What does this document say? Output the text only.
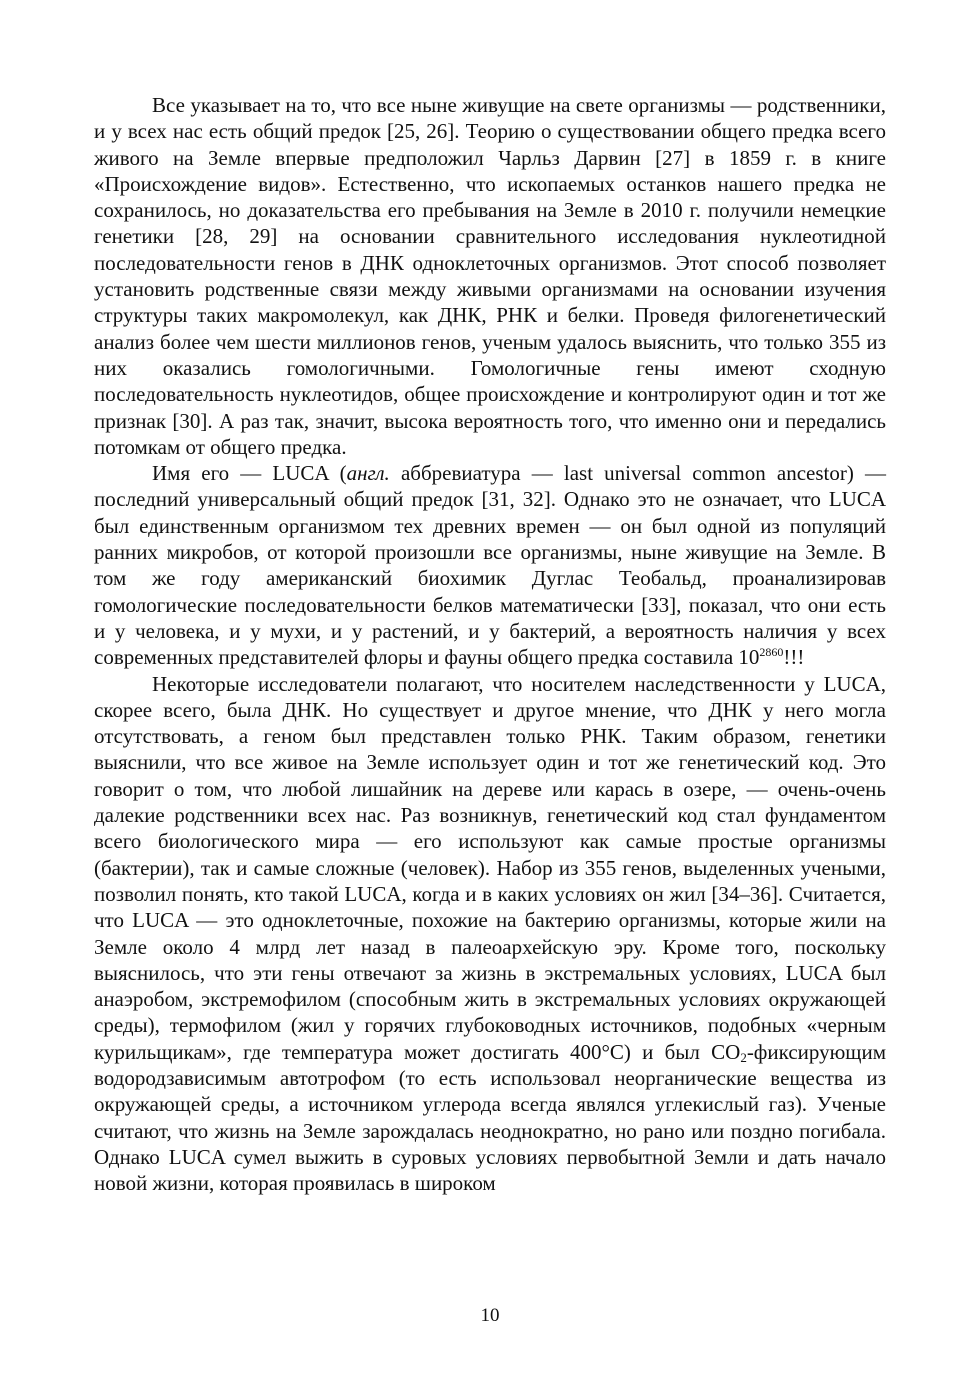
Все указывает на то, что все ныне живущие на свете организмы — родственники, и у всех нас есть общий предок [25, 26]. Теорию о существовании общего предка всего живого на Земле впервые предположил Чарльз Дарвин [27] в 1859 г. в книге «Происхождение видов». Естественно, что ископаемых останков нашего предка не сохранилось, но доказательства его пребывания на Земле в 2010 г. получили немецкие генетики [28, 29] на основании сравнительного исследования нуклеотидной последовательности генов в ДНК одноклеточных организмов. Этот способ позволяет установить родственные связи между живыми организмами на основании изучения структуры таких макромолекул, как ДНК, РНК и белки. Проведя филогенетический анализ более чем шести миллионов генов, ученым удалось выяснить, что только 355 из них оказались гомологичными. Гомологичные гены имеют сходную последовательность нуклеотидов, общее происхождение и контролируют один и тот же признак [30]. А раз так, значит, высока вероятность того, что именно они и передались потомкам от общего предка.

Имя его — LUCA (англ. аббревиатура — last universal common ancestor) — последний универсальный общий предок [31, 32]. Однако это не означает, что LUCA был единственным организмом тех древних времен — он был одной из популяций ранних микробов, от которой произошли все организмы, ныне живущие на Земле. В том же году американский биохимик Дуглас Теобальд, проанализировав гомологические последовательности белков математически [33], показал, что они есть и у человека, и у мухи, и у растений, и у бактерий, а вероятность наличия у всех современных представителей флоры и фауны общего предка составила $10^{2860}$!!!

Некоторые исследователи полагают, что носителем наследственности у LUCA, скорее всего, была ДНК. Но существует и другое мнение, что ДНК у него могла отсутствовать, а геном был представлен только РНК. Таким образом, генетики выяснили, что все живое на Земле использует один и тот же генетический код. Это говорит о том, что любой лишайник на дереве или карась в озере, — очень-очень далекие родственники всех нас. Раз возникнув, генетический код стал фундаментом всего биологического мира — его используют как самые простые организмы (бактерии), так и самые сложные (человек). Набор из 355 генов, выделенных учеными, позволил понять, кто такой LUCA, когда и в каких условиях он жил [34–36]. Считается, что LUCA — это одноклеточные, похожие на бактерию организмы, которые жили на Земле около 4 млрд лет назад в палеоархейскую эру. Кроме того, поскольку выяснилось, что эти гены отвечают за жизнь в экстремальных условиях, LUCA был анаэробом, экстремофилом (способным жить в экстремальных условиях окружающей среды), термофилом (жил у горячих глубоководных источников, подобных «черным курильщикам», где температура может достигать 400°C) и был $CO_2$-фиксирующим водородзависимым автотрофом (то есть использовал неорганические вещества из окружающей среды, а источником углерода всегда являлся углекислый газ). Ученые считают, что жизнь на Земле зарождалась неоднократно, но рано или поздно погибала. Однако LUCA сумел выжить в суровых условиях первобытной Земли и дать начало новой жизни, которая проявилась в широком

10
